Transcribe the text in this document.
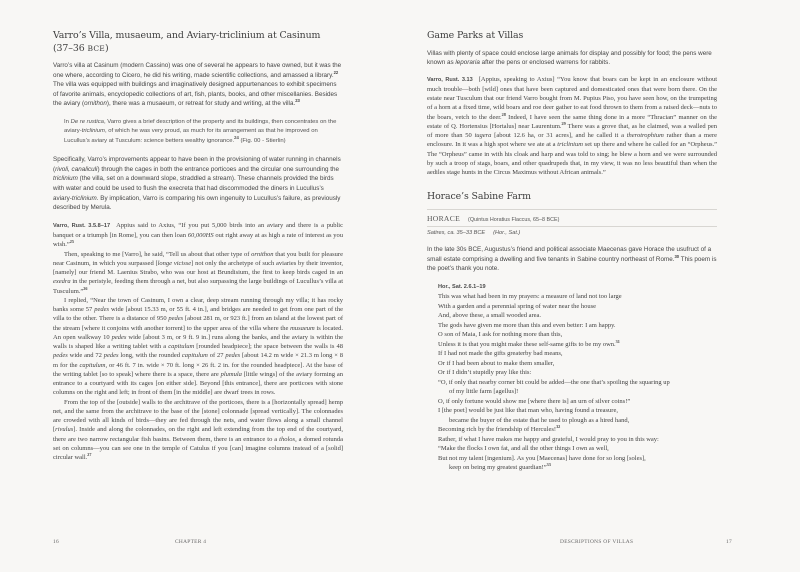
Varro’s Villa, musaeum, and Aviary-triclinium at Casinum
(37–36 BCE)

Varro’s villa at Casinum (modern Cassino) was one of several he appears to have owned, but it was the one where, according to Cicero, he did his writing, made scientific collections, and amassed a library.$^{22}$ The villa was equipped with buildings and imaginatively designed appurtenances to exhibit specimens of favorite animals, encyclopedic collections of art, fish, plants, books, and other miscellanies. Besides the aviary (ornithon), there was a musaeum, or retreat for study and writing, at the villa.$^{23}$

In De re rustica, Varro gives a brief description of the property and its buildings, then concentrates on the aviary-triclinium, of which he was very proud, as much for its arrangement as that he improved on Lucullus’s aviary at Tusculum: science betters wealthy ignorance.$^{24}$ (Fig. 00 - Stierlin)

Specifically, Varro’s improvements appear to have been in the provisioning of water running in channels (rivoli, canaliculi) through the cages in both the entrance porticoes and the circular one surrounding the triclinium (the villa, set on a downward slope, straddled a stream). These channels provided the birds with water and could be used to flush the execreta that had discommoded the diners in Lucullus’s aviary-triclinium. By implication, Varro is comparing his own ingenuity to Lucullus’s failure, as previously described by Merula.

Varro, Rust. 3.5.8–17 Appius said to Axius, “If you put 5,000 birds into an aviary and there is a public banquet or a triumph [in Rome], you can then loan 60,000HS out right away at as high a rate of interest as you wish.”$^{25}$

Then, speaking to me [Varro], he said, “Tell us about that other type of ornithon that you built for pleasure near Casinum, in which you surpassed [longe vicisse] not only the archetype of such aviaries by their inventor, [namely] our friend M. Laenius Strabo, who was our host at Brundisium, the first to keep birds caged in an exedra in the peristyle, feeding them through a net, but also surpassing the large buildings of Lucullus’s villa at Tusculum.”$^{26}$

I replied, “Near the town of Casinum, I own a clear, deep stream running through my villa; it has rocky banks some 57 pedes wide [about 15.33 m, or 55 ft. 4 in.], and bridges are needed to get from one part of the villa to the other. There is a distance of 950 pedes [about 281 m, or 923 ft.] from an island at the lowest part of the stream [where it conjoins with another torrent] to the upper area of the villa where the musaeum is located. An open walkway 10 pedes wide [about 3 m, or 9 ft. 9 in.] runs along the banks, and the aviary is within the walls is shaped like a writing tablet with a capitulum [rounded headpiece]; the space between the walls is 48 pedes wide and 72 pedes long, with the rounded capitulum of 27 pedes [about 14.2 m wide × 21.3 m long × 8 m for the capitulum, or 46 ft. 7 in. wide × 70 ft. long × 26 ft. 2 in. for the rounded headpiece]. At the base of the writing tablet [so to speak] where there is a space, there are plumula [little wings] of the aviary forming an entrance to a courtyard with its cages [on either side]. Beyond [this entrance], there are porticoes with stone columns on the right and left; in front of them [in the middle] are dwarf trees in rows.

From the top of the [outside] walls to the architrave of the porticoes, there is a [horizontally spread] hemp net, and the same from the architrave to the base of the [stone] colonnade [spread vertically]. The colonnades are crowded with all kinds of birds—they are fed through the nets, and water flows along a small channel [rivulus]. Inside and along the colonnades, on the right and left extending from the top end of the courtyard, there are two narrow rectangular fish basins. Between them, there is an entrance to a tholos, a domed rotunda set on columns—you can see one in the temple of Catulus if you [can] imagine columns instead of a [solid] circular wall.$^{27}$

16	CHAPTER 4
Game Parks at Villas

Villas with plenty of space could enclose large animals for display and possibly for food; the pens were known as leporaria after the pens or enclosed warrens for rabbits.

Varro, Rust. 3.13 [Appius, speaking to Axius] “You know that boars can be kept in an enclosure without much trouble—both [wild] ones that have been captured and domesticated ones that were born there. On the estate near Tusculum that our friend Varro bought from M. Pupius Piso, you have seen how, on the trumpeting of a horn at a fixed time, wild boars and roe deer gather to eat food thrown to them from a raised deck—nuts to the boars, vetch to the deer.$^{28}$ Indeed, I have seen the same thing done in a more “Thracian” manner on the estate of Q. Hortensius [Hortalus] near Laurentum.$^{29}$ There was a grove that, as he claimed, was a walled pen of more than 50 iugera [about 12.6 ha, or 31 acres], and he called it a therotrophium rather than a mere enclosure. In it was a high spot where we ate at a triclinium set up there and where he called for an “Orpheus.” The “Orpheus” came in with his cloak and harp and was told to sing; he blew a horn and we were surrounded by such a troop of stags, boars, and other quadrupeds that, in my view, it was no less beautiful than when the aediles stage hunts in the Circus Maximus without African animals.”

Horace’s Sabine Farm
HORACE (Quintus Horatius Flaccus, 65–8 BCE)
Satires, ca. 35–33 BCE (Hor., Sat.)

In the late 30s BCE, Augustus’s friend and political associate Maecenas gave Horace the usufruct of a small estate comprising a dwelling and five tenants in Sabine country northeast of Rome.$^{30}$ This poem is the poet’s thank you note.

Hor., Sat. 2.6.1–19
This was what had been in my prayers: a measure of land not too large
With a garden and a perennial spring of water near the house
And, above these, a small wooded area.
The gods have given me more than this and even better: I am happy.
O son of Maia, I ask for nothing more than this,
Unless it is that you might make these self-same gifts to be my own.$^{31}$
If I had not made the gifts greaterby bad means,
Or if I had been about to make them smaller,
Or if I didn’t stupidly pray like this:
“O, if only that nearby corner bit could be added—the one that’s spoiling the squaring up
of my little farm [agellus]!
O, if only fortune would show me [where there is] an urn of silver coins!”
I [the poet] would be just like that man who, having found a treasure,
became the buyer of the estate that he used to plough as a hired hand,
Becoming rich by the friendship of Hercules!$^{32}$
Rather, if what I have makes me happy and grateful, I would pray to you in this way:
“Make the flocks I own fat, and all the other things I own as well,
But not my talent [ingenium]. As you [Maecenas] have done for so long [soles],
keep on being my greatest guardian!”$^{33}$
DESCRIPTIONS OF VILLAS	17
